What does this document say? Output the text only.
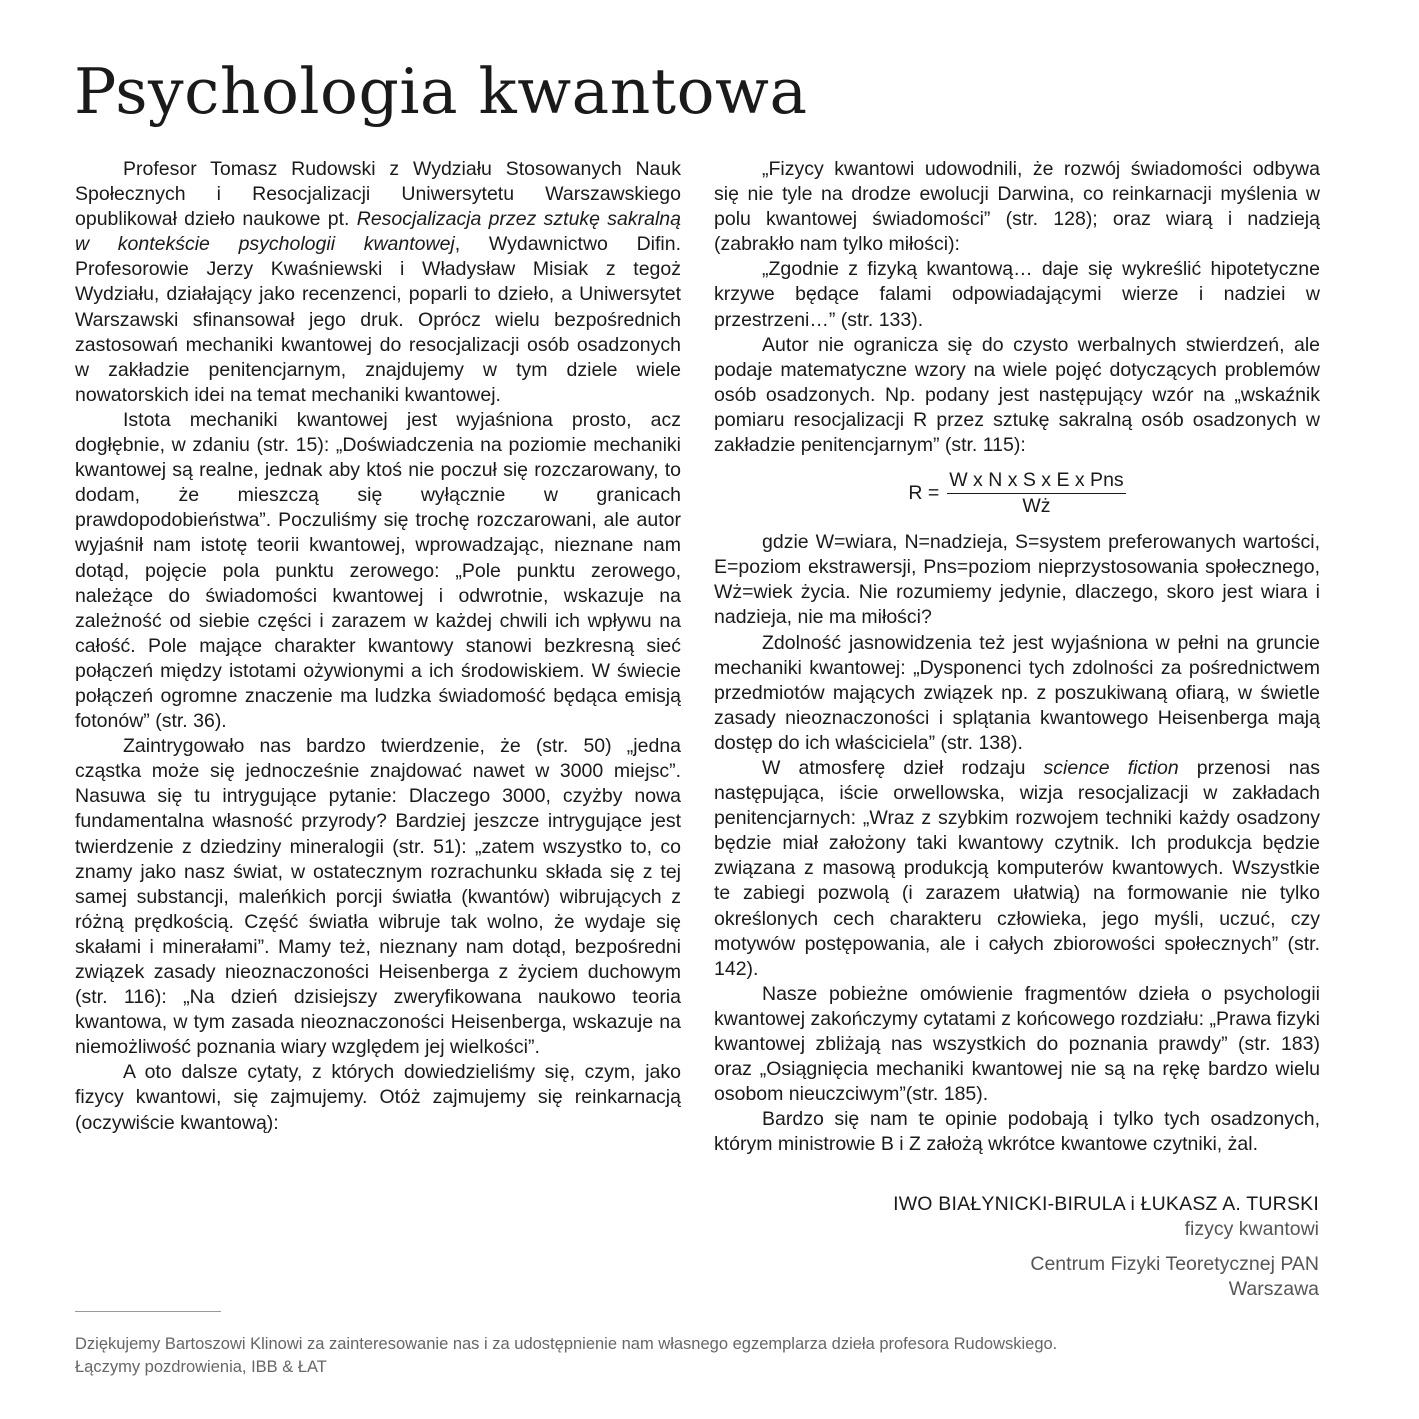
Psychologia kwantowa

Profesor Tomasz Rudowski z Wydziału Stosowanych Nauk Społecznych i Resocjalizacji Uniwersytetu Warszawskiego opublikował dzieło naukowe pt. Resocjalizacja przez sztukę sakralną w kontekście psychologii kwantowej, Wydawnictwo Difin. Profesorowie Jerzy Kwaśniewski i Władysław Misiak z tegoż Wydziału, działający jako recenzenci, poparli to dzieło, a Uniwersytet Warszawski sfinansował jego druk. Oprócz wielu bezpośrednich zastosowań mechaniki kwantowej do resocjalizacji osób osadzonych w zakładzie penitencjarnym, znajdujemy w tym dziele wiele nowatorskich idei na temat mechaniki kwantowej.

Istota mechaniki kwantowej jest wyjaśniona prosto, acz dogłębnie, w zdaniu (str. 15): „Doświadczenia na poziomie mechaniki kwantowej są realne, jednak aby ktoś nie poczuł się rozczarowany, to dodam, że mieszczą się wyłącznie w granicach prawdopodobieństwa”. Poczuliśmy się trochę rozczarowani, ale autor wyjaśnił nam istotę teorii kwantowej, wprowadzając, nieznane nam dotąd, pojęcie pola punktu zerowego: „Pole punktu zerowego, należące do świadomości kwantowej i odwrotnie, wskazuje na zależność od siebie części i zarazem w każdej chwili ich wpływu na całość. Pole mające charakter kwantowy stanowi bezkresną sieć połączeń między istotami ożywionymi a ich środowiskiem. W świecie połączeń ogromne znaczenie ma ludzka świadomość będąca emisją fotonów” (str. 36).

Zaintrygowało nas bardzo twierdzenie, że (str. 50) „jedna cząstka może się jednocześnie znajdować nawet w 3000 miejsc”. Nasuwa się tu intrygujące pytanie: Dlaczego 3000, czyżby nowa fundamentalna własność przyrody? Bardziej jeszcze intrygujące jest twierdzenie z dziedziny mineralogii (str. 51): „zatem wszystko to, co znamy jako nasz świat, w ostatecznym rozrachunku składa się z tej samej substancji, maleńkich porcji światła (kwantów) wibrujących z różną prędkością. Część światła wibruje tak wolno, że wydaje się skałami i minerałami”. Mamy też, nieznany nam dotąd, bezpośredni związek zasady nieoznaczoności Heisenberga z życiem duchowym (str. 116): „Na dzień dzisiejszy zweryfikowana naukowo teoria kwantowa, w tym zasada nieoznaczoności Heisenberga, wskazuje na niemożliwość poznania wiary względem jej wielkości”.

A oto dalsze cytaty, z których dowiedzieliśmy się, czym, jako fizycy kwantowi, się zajmujemy. Otóż zajmujemy się reinkarnacją (oczywiście kwantową):

„Fizycy kwantowi udowodnili, że rozwój świadomości odbywa się nie tyle na drodze ewolucji Darwina, co reinkarnacji myślenia w polu kwantowej świadomości” (str. 128); oraz wiarą i nadzieją (zabrakło nam tylko miłości):

„Zgodnie z fizyką kwantową… daje się wykreślić hipotetyczne krzywe będące falami odpowiadającymi wierze i nadziei w przestrzeni…” (str. 133).

Autor nie ogranicza się do czysto werbalnych stwierdzeń, ale podaje matematyczne wzory na wiele pojęć dotyczących problemów osób osadzonych. Np. podany jest następujący wzór na „wskaźnik pomiaru resocjalizacji R przez sztukę sakralną osób osadzonych w zakładzie penitencjarnym” (str. 115):

$R = \frac{\text{W x N x S x E x Pns}}{Wż}$

gdzie W=wiara, N=nadzieja, S=system preferowanych wartości, E=poziom ekstrawersji, Pns=poziom nieprzystosowania społecznego, Wż=wiek życia. Nie rozumiemy jedynie, dlaczego, skoro jest wiara i nadzieja, nie ma miłości?

Zdolność jasnowidzenia też jest wyjaśniona w pełni na gruncie mechaniki kwantowej: „Dysponenci tych zdolności za pośrednictwem przedmiotów mających związek np. z poszukiwaną ofiarą, w świetle zasady nieoznaczoności i splątania kwantowego Heisenberga mają dostęp do ich właściciela” (str. 138).

W atmosferę dzieł rodzaju science fiction przenosi nas następująca, iście orwellowska, wizja resocjalizacji w zakładach penitencjarnych: „Wraz z szybkim rozwojem techniki każdy osadzony będzie miał założony taki kwantowy czytnik. Ich produkcja będzie związana z masową produkcją komputerów kwantowych. Wszystkie te zabiegi pozwolą (i zarazem ułatwią) na formowanie nie tylko określonych cech charakteru człowieka, jego myśli, uczuć, czy motywów postępowania, ale i całych zbiorowości społecznych” (str. 142).

Nasze pobieżne omówienie fragmentów dzieła o psychologii kwantowej zakończymy cytatami z końcowego rozdziału: „Prawa fizyki kwantowej zbliżają nas wszystkich do poznania prawdy” (str. 183) oraz „Osiągnięcia mechaniki kwantowej nie są na rękę bardzo wielu osobom nieuczciwym”(str. 185).

Bardzo się nam te opinie podobają i tylko tych osadzonych, którym ministrowie B i Z założą wkrótce kwantowe czytniki, żal.

IWO BIAŁYNICKI-BIRULA i ŁUKASZ A. TURSKI
fizycy kwantowi
Centrum Fizyki Teoretycznej PAN
Warszawa
Dziękujemy Bartoszowi Klinowi za zainteresowanie nas i za udostępnienie nam własnego egzemplarza dzieła profesora Rudowskiego.
Łączymy pozdrowienia, IBB & ŁAT
